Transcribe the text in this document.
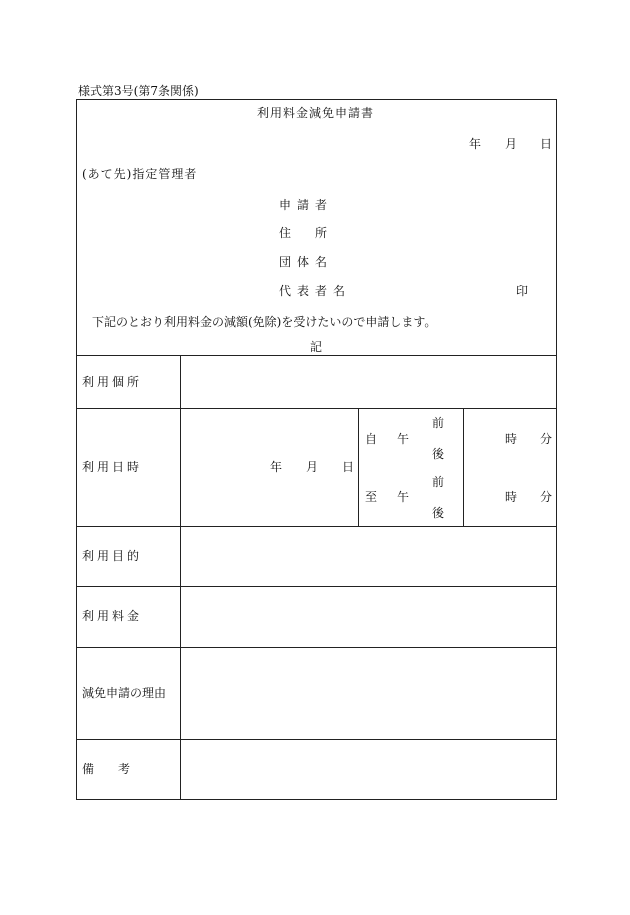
様式第3号(第7条関係)
利用料金減免申請書
年 月 日
(あて先)指定管理者
申請者
住　所
団体名
代表者名	印
下記のとおり利用料金の減額(免除)を受けたいので申請します。
記
利用個所
利用日時
利用目的
利用料金
減免申請の理由
備　考
年 月 日
前
自 午
後
時 分
前
至 午
後
時 分
